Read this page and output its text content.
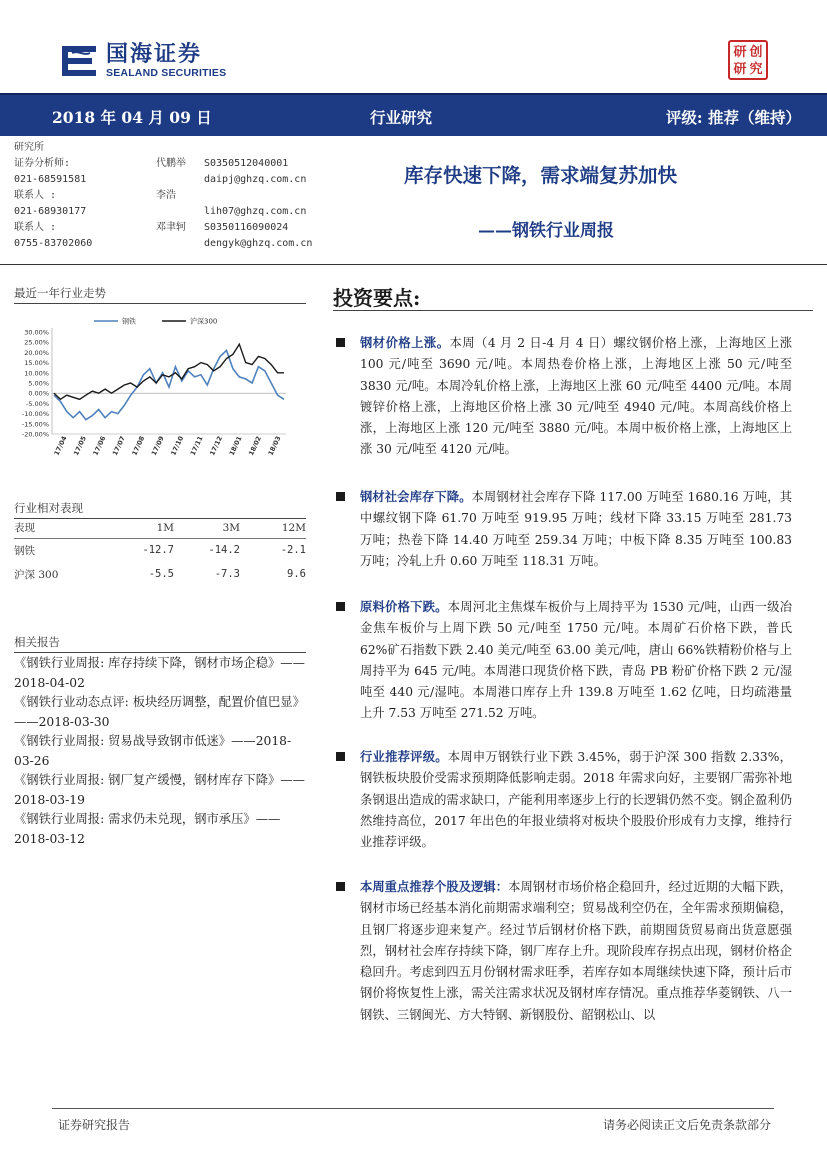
国海证券
SEALAND SECURITIES
研 创
研 究
2018 年 04 月 09 日	行业研究	评级: 推荐（维持）
研究所
证券分析师:	代鹏举 S0350512040001
021-68591581	daipj@ghzq.com.cn
联系人 :	李浩
021-68930177	lih07@ghzq.com.cn
联系人 :	邓聿轲 S0350116090024
0755-83702060	dengyk@ghzq.com.cn
库存快速下降，需求端复苏加快
——钢铁行业周报
最近一年行业走势
30.00%
25.00%
20.00%
15.00%
10.00%
5.00%
0.00%
-5.00%
-10.00%
-15.00%
-20.00%
17/04 17/05 17/06 17/07 17/08 17/09 17/10 17/11 17/12 18/01 18/02 18/03
钢铁	沪深300
行业相对表现
表现	1M	3M	12M
钢铁	-12.7	-14.2	-2.1
沪深 300	-5.5	-7.3	9.6
相关报告

《钢铁行业周报: 库存持续下降，钢材市场企稳》——2018-04-02

《钢铁行业动态点评: 板块经历调整，配置价值巴显》——2018-03-30

《钢铁行业周报: 贸易战导致钢市低迷》——2018-03-26

《钢铁行业周报: 钢厂复产缓慢，钢材库存下降》——2018-03-19

《钢铁行业周报: 需求仍未兑现，钢市承压》——2018-03-12

投资要点:
钢材价格上涨。本周（4 月 2 日-4 月 4 日）螺纹钢价格上涨，上海地区上涨 100 元/吨至 3690 元/吨。本周热卷价格上涨，上海地区上涨 50 元/吨至 3830 元/吨。本周冷轧价格上涨，上海地区上涨 60 元/吨至 4400 元/吨。本周镀锌价格上涨，上海地区价格上涨 30 元/吨至 4940 元/吨。本周高线价格上涨，上海地区上涨 120 元/吨至 3880 元/吨。本周中板价格上涨，上海地区上涨 30 元/吨至 4120 元/吨。
钢材社会库存下降。本周钢材社会库存下降 117.00 万吨至 1680.16 万吨，其中螺纹钢下降 61.70 万吨至 919.95 万吨；线材下降 33.15 万吨至 281.73 万吨；热卷下降 14.40 万吨至 259.34 万吨；中板下降 8.35 万吨至 100.83 万吨；冷轧上升 0.60 万吨至 118.31 万吨。
原料价格下跌。本周河北主焦煤车板价与上周持平为 1530 元/吨，山西一级冶金焦车板价与上周下跌 50 元/吨至 1750 元/吨。本周矿石价格下跌，普氏 62%矿石指数下跌 2.40 美元/吨至 63.00 美元/吨，唐山 66%铁精粉价格与上周持平为 645 元/吨。本周港口现货价格下跌，青岛 PB 粉矿价格下跌 2 元/湿吨至 440 元/湿吨。本周港口库存上升 139.8 万吨至 1.62 亿吨，日均疏港量上升 7.53 万吨至 271.52 万吨。
行业推荐评级。本周申万钢铁行业下跌 3.45%，弱于沪深 300 指数 2.33%，钢铁板块股价受需求预期降低影响走弱。2018 年需求向好，主要钢厂需弥补地条钢退出造成的需求缺口，产能利用率逐步上行的长逻辑仍然不变。钢企盈利仍然维持高位，2017 年出色的年报业绩将对板块个股股价形成有力支撑，维持行业推荐评级。
本周重点推荐个股及逻辑：本周钢材市场价格企稳回升，经过近期的大幅下跌，钢材市场已经基本消化前期需求端利空；贸易战利空仍在，全年需求预期偏稳，且钢厂将逐步迎来复产。经过节后钢材价格下跌，前期囤货贸易商出货意愿强烈，钢材社会库存持续下降，钢厂库存上升。现阶段库存拐点出现，钢材价格企稳回升。考虑到四五月份钢材需求旺季，若库存如本周继续快速下降，预计后市钢价将恢复性上涨，需关注需求状况及钢材库存情况。重点推荐华菱钢铁、八一钢铁、三钢闽光、方大特钢、新钢股份、韶钢松山、以
证券研究报告	请务必阅读正文后免责条款部分
